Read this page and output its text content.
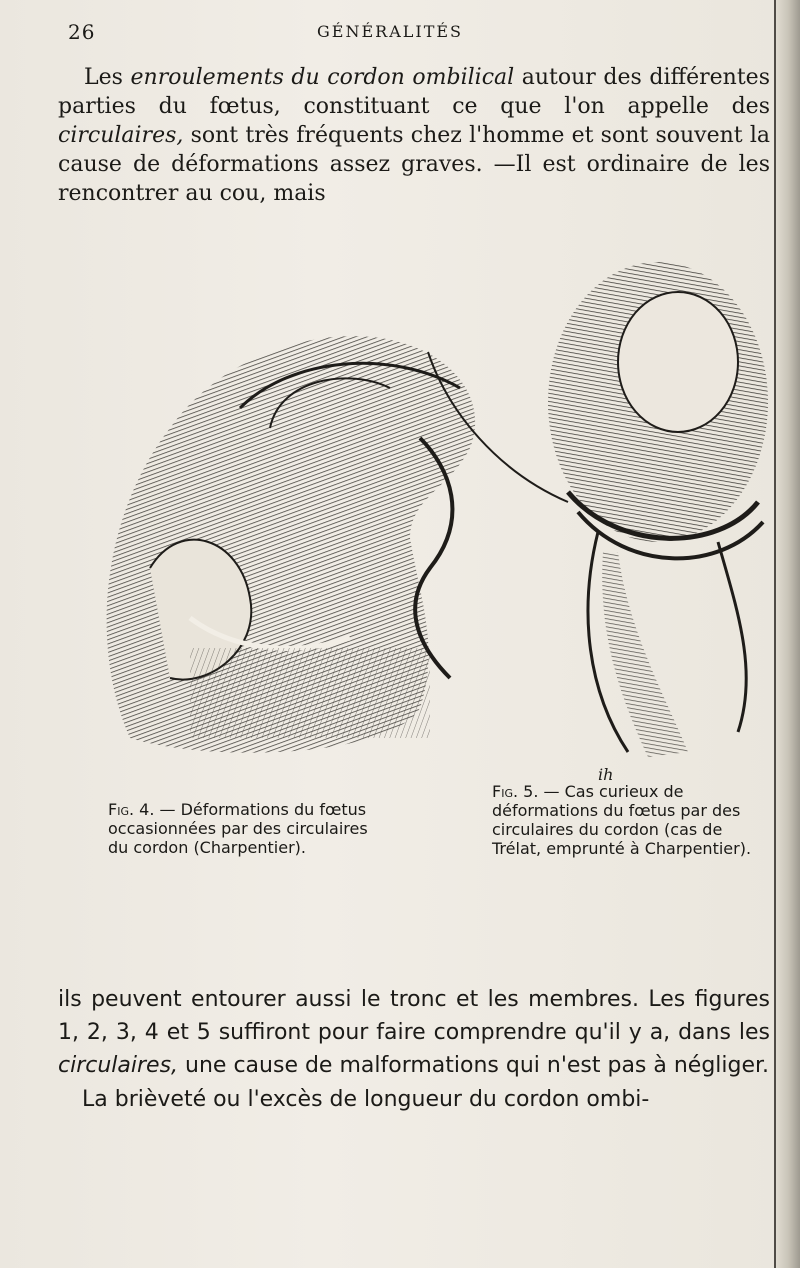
26	GÉNÉRALITÉS
Les enroulements du cordon ombilical autour des différentes parties du fœtus, constituant ce que l'on appelle des circulaires, sont très fréquents chez l'homme et sont souvent la cause de déformations assez graves. —Il est ordinaire de les rencontrer au cou, mais
ih
Fig. 4. — Déformations du fœtus occasionnées par des circulaires du cordon (Charpentier).
Fig. 5. — Cas curieux de déformations du fœtus par des circulaires du cordon (cas de Trélat, emprunté à Charpentier).
ils peuvent entourer aussi le tronc et les membres. Les figures 1, 2, 3, 4 et 5 suffiront pour faire comprendre qu'il y a, dans les circulaires, une cause de malformations qui n'est pas à négliger.
La brièveté ou l'excès de longueur du cordon ombi-
